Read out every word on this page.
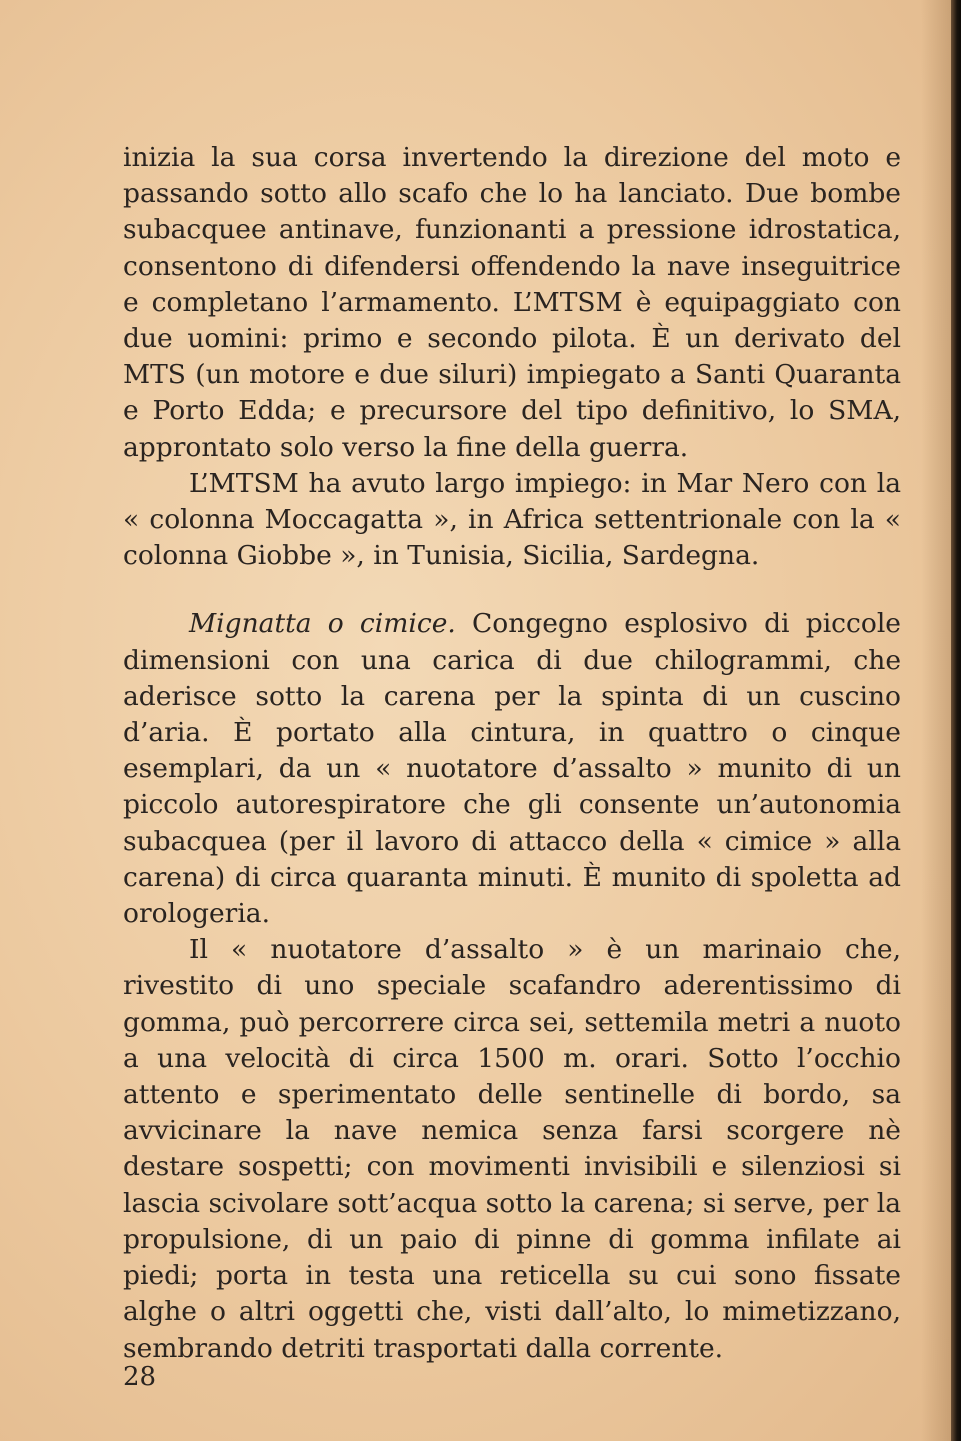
inizia la sua corsa invertendo la direzione del moto e passando sotto allo scafo che lo ha lanciato. Due bombe subacquee antinave, funzionanti a pressione idrostatica, consentono di difendersi offendendo la nave inseguitrice e completano l’armamento. L’MTSM è equipaggiato con due uomini: primo e secondo pilota. È un derivato del MTS (un motore e due siluri) impiegato a Santi Quaranta e Porto Edda; e precursore del tipo definitivo, lo SMA, approntato solo verso la fine della guerra.

L’MTSM ha avuto largo impiego: in Mar Nero con la « colonna Moccagatta », in Africa settentrionale con la « colonna Giobbe », in Tunisia, Sicilia, Sardegna.

Mignatta o cimice. Congegno esplosivo di piccole dimensioni con una carica di due chilogrammi, che aderisce sotto la carena per la spinta di un cuscino d’aria. È portato alla cintura, in quattro o cinque esemplari, da un « nuotatore d’assalto » munito di un piccolo autorespiratore che gli consente un’autonomia subacquea (per il lavoro di attacco della « cimice » alla carena) di circa quaranta minuti. È munito di spoletta ad orologeria.

Il « nuotatore d’assalto » è un marinaio che, rivestito di uno speciale scafandro aderentissimo di gomma, può percorrere circa sei, settemila metri a nuoto a una velocità di circa 1500 m. orari. Sotto l’occhio attento e sperimentato delle sentinelle di bordo, sa avvicinare la nave nemica senza farsi scorgere nè destare sospetti; con movimenti invisibili e silenziosi si lascia scivolare sott’acqua sotto la carena; si serve, per la propulsione, di un paio di pinne di gomma infilate ai piedi; porta in testa una reticella su cui sono fissate alghe o altri oggetti che, visti dall’alto, lo mimetizzano, sembrando detriti trasportati dalla corrente.

28
